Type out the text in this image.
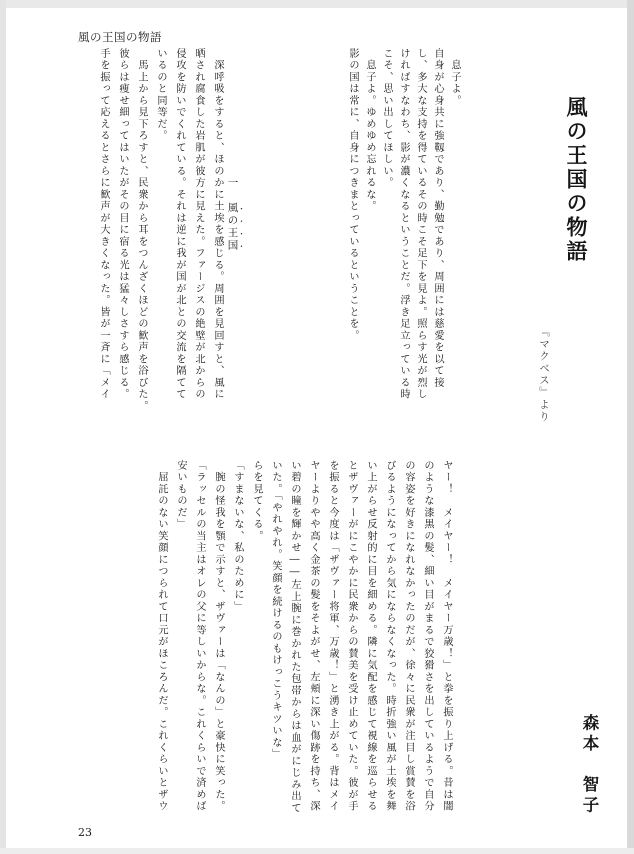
風の王国の物語
風の王国の物語
『マクベス』より
森本　智子
　息子よ。
自身が心身共に強靱であり、勤勉であり、周囲には慈愛を以て接
し、多大な支持を得ているその時こそ足下を見よ。照らす光が烈し
ければすなわち、影が濃くなるということだ。浮き足立っている時
こそ、思い出してほしい。
　息子よ。ゆめゆめ忘れるな。
影の国は常に、自身につきまとっているということを。

一　風の王国

　深呼吸をすると、ほのかに土埃を感じる。周囲を見回すと、風に
晒され腐食した岩肌が彼方に見えた。ファージスの絶壁が北からの
侵攻を防いでくれている。それは逆に我が国が北との交流を隔てて
いるのと同等だ。
　馬上から見下ろすと、民衆から耳をつんざくほどの歓声を浴びた。
彼らは痩せ細ってはいたがその目に宿る光は猛々しさすら感じる。
手を振って応えるとさらに歓声が大きくなった。皆が一斉に「メイ
ヤー！　メイヤー！　メイヤー万歳！」と拳を振り上げる。昔は闇
のような漆黒の髪、細い目がまるで狡猾さを出しているようで自分
の容姿を好きになれなかったのだが、徐々に民衆が注目し賞賛を浴
びるようになってから気にならなくなった。時折強い風が土埃を舞
い上がらせ反射的に目を細める。隣に気配を感じて視線を巡らせる
とザヴァーがにこやかに民衆からの賛美を受け止めていた。彼が手
を振ると今度は「ザヴァー将軍、万歳！」と湧き上がる。背はメイ
ヤーよりやや高く金茶の髪をそよがせ、左頬に深い傷跡を持ち、深
い碧の瞳を輝かせ――左上腕に巻かれた包帯からは血がにじみ出て
いた。「やれやれ。笑顔を続けるのもけっこうキツいな」
らを見てくる。
「すまないな、私のために」
　腕の怪我を顎で示すと、ザヴァーは「なんの」と豪快に笑った。
「ラッセルの当主はオレの父に等しいからな。これくらいで済めば
安いものだ」
　屈託のない笑顔につられて口元がほころんだ。これくらいとザウ
23
